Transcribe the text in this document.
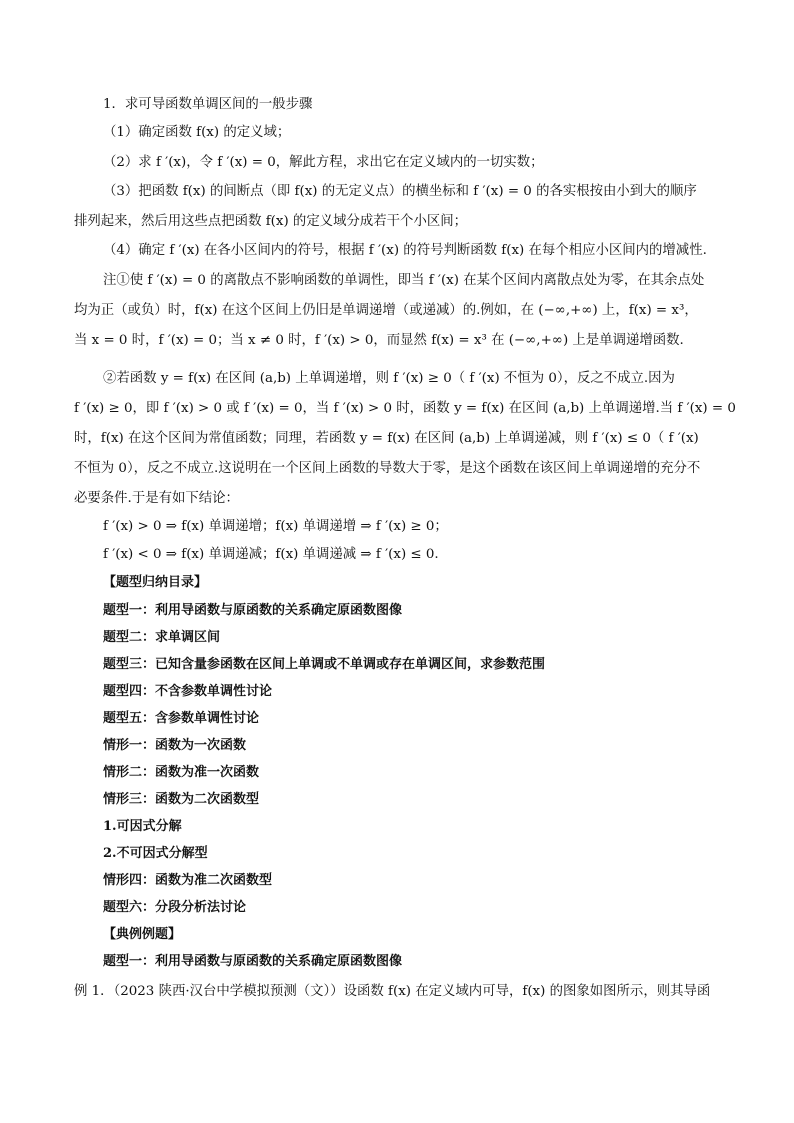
1．求可导函数单调区间的一般步骤

（1）确定函数 f(x) 的定义域；

（2）求 f ′(x)，令 f ′(x) = 0，解此方程，求出它在定义域内的一切实数；

（3）把函数 f(x) 的间断点（即 f(x) 的无定义点）的横坐标和 f ′(x) = 0 的各实根按由小到大的顺序

排列起来，然后用这些点把函数 f(x) 的定义域分成若干个小区间；

（4）确定 f ′(x) 在各小区间内的符号，根据 f ′(x) 的符号判断函数 f(x) 在每个相应小区间内的增减性.

注①使 f ′(x) = 0 的离散点不影响函数的单调性，即当 f ′(x) 在某个区间内离散点处为零，在其余点处

均为正（或负）时，f(x) 在这个区间上仍旧是单调递增（或递减）的.例如，在 (−∞,+∞) 上，f(x) = x³，

当 x = 0 时，f ′(x) = 0；当 x ≠ 0 时，f ′(x) > 0，而显然 f(x) = x³ 在 (−∞,+∞) 上是单调递增函数.

②若函数 y = f(x) 在区间 (a,b) 上单调递增，则 f ′(x) ≥ 0（ f ′(x) 不恒为 0），反之不成立.因为

f ′(x) ≥ 0，即 f ′(x) > 0 或 f ′(x) = 0，当 f ′(x) > 0 时，函数 y = f(x) 在区间 (a,b) 上单调递增.当 f ′(x) = 0

时，f(x) 在这个区间为常值函数；同理，若函数 y = f(x) 在区间 (a,b) 上单调递减，则 f ′(x) ≤ 0（ f ′(x)

不恒为 0），反之不成立.这说明在一个区间上函数的导数大于零，是这个函数在该区间上单调递增的充分不

必要条件.于是有如下结论：

f ′(x) > 0 ⇒ f(x) 单调递增；f(x) 单调递增 ⇒ f ′(x) ≥ 0；

f ′(x) < 0 ⇒ f(x) 单调递减；f(x) 单调递减 ⇒ f ′(x) ≤ 0.

【题型归纳目录】

题型一：利用导函数与原函数的关系确定原函数图像

题型二：求单调区间

题型三：已知含量参函数在区间上单调或不单调或存在单调区间，求参数范围

题型四：不含参数单调性讨论

题型五：含参数单调性讨论

情形一：函数为一次函数

情形二：函数为准一次函数

情形三：函数为二次函数型

1.可因式分解

2.不可因式分解型

情形四：函数为准二次函数型

题型六：分段分析法讨论

【典例例题】

题型一：利用导函数与原函数的关系确定原函数图像

例 1．（2023 陕西·汉台中学模拟预测（文））设函数 f(x) 在定义域内可导，f(x) 的图象如图所示，则其导函
